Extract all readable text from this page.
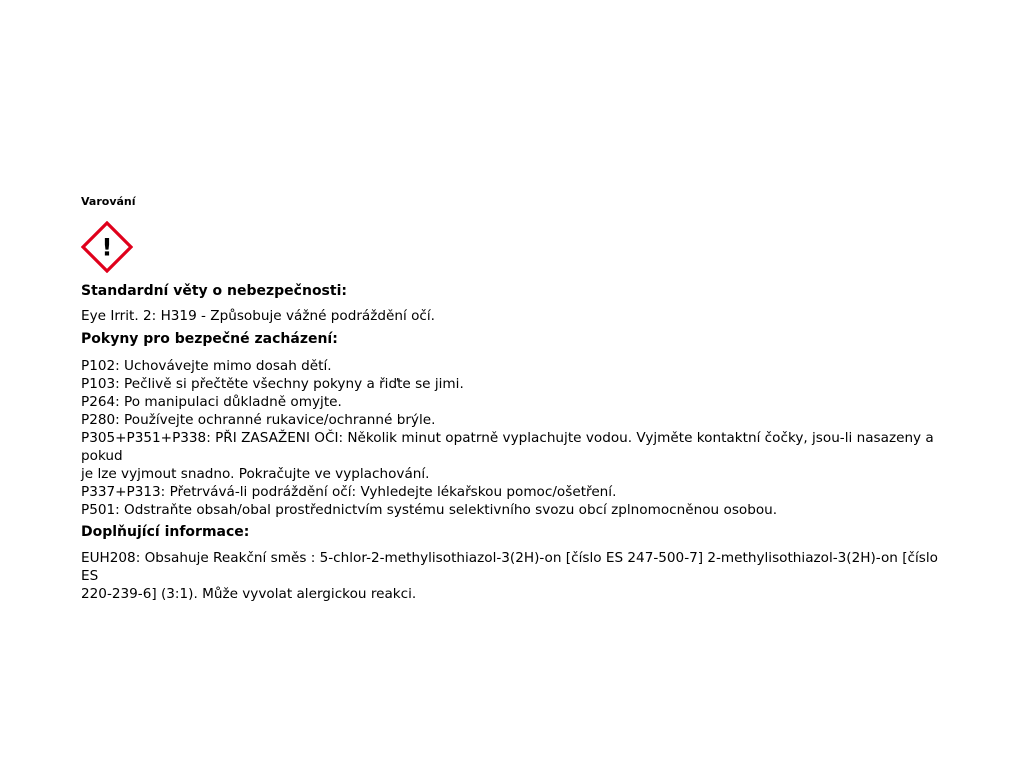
Varování

!
Standardní věty o nebezpečnosti:

Eye Irrit. 2: H319 - Způsobuje vážné podráždění očí.

Pokyny pro bezpečné zacházení:

P102: Uchovávejte mimo dosah dětí.

P103: Pečlivě si přečtěte všechny pokyny a řiďte se jimi.

P264: Po manipulaci důkladně omyjte.

P280: Používejte ochranné rukavice/ochranné brýle.

P305+P351+P338: PŘI ZASAŽENI OČI: Několik minut opatrně vyplachujte vodou. Vyjměte kontaktní čočky, jsou-li nasazeny a pokud

je lze vyjmout snadno. Pokračujte ve vyplachování.

P337+P313: Přetrvává-li podráždění očí: Vyhledejte lékařskou pomoc/ošetření.

P501: Odstraňte obsah/obal prostřednictvím systému selektivního svozu obcí zplnomocněnou osobou.

Doplňující informace:

EUH208: Obsahuje Reakční směs : 5-chlor-2-methylisothiazol-3(2H)-on [číslo ES 247-500-7] 2-methylisothiazol-3(2H)-on [číslo ES

220-239-6] (3:1). Může vyvolat alergickou reakci.
